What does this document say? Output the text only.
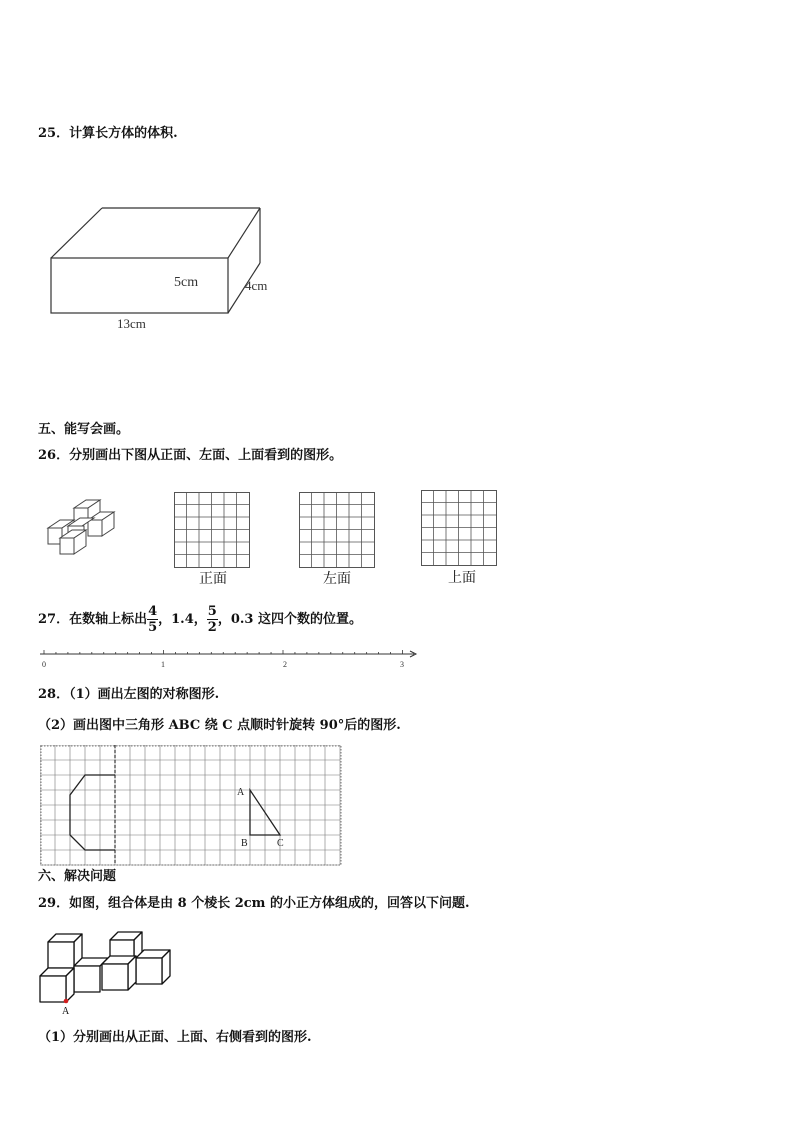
25．计算长方体的体积.
5cm	4cm
13cm
五、能写会画。
26．分别画出下图从正面、左面、上面看到的图形。
正面	左面	上面
27．在数轴上标出 $\frac{4}{5}$ ，1.4， $\frac{5}{2}$ ，0.3 这四个数的位置。
0	1	2	3
28．（1）画出左图的对称图形.
（2）画出图中三角形 ABC 绕 C 点顺时针旋转 90°后的图形.
A
B	C
六、解决问题
29．如图，组合体是由 8 个棱长 2cm 的小正方体组成的，回答以下问题.
A
（1）分别画出从正面、上面、右侧看到的图形.
